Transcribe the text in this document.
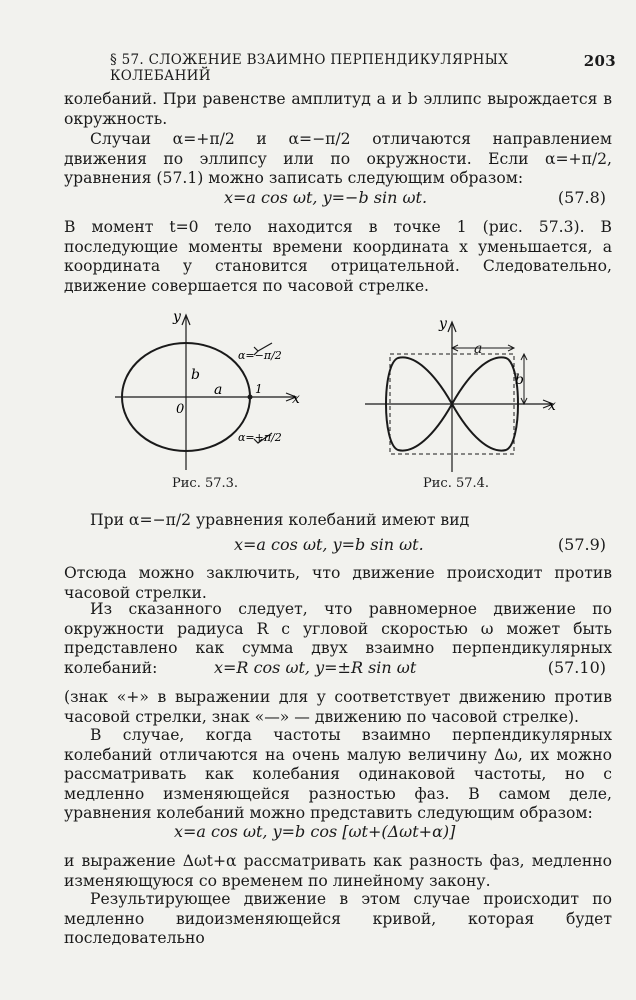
§ 57. СЛОЖЕНИЕ ВЗАИМНО ПЕРПЕНДИКУЛЯРНЫХ КОЛЕБАНИЙ
203

колебаний. При равенстве амплитуд a и b эллипс вырождается в окружность.

Случаи α=+π/2 и α=−π/2 отличаются направлением движения по эллипсу или по окружности. Если α=+π/2, уравнения (57.1) можно записать следующим образом:

x=a cos ωt, y=−b sin ωt.	(57.8)

В момент t=0 тело находится в точке 1 (рис. 57.3). В последующие моменты времени координата x уменьшается, а координата y становится отрицательной. Следовательно, движение совершается по часовой стрелке.

y
x
0
a
b
1
α=−π/2
α=+π/2
Рис. 57.3.
y
x
a
b
Рис. 57.4.

При α=−π/2 уравнения колебаний имеют вид

x=a cos ωt, y=b sin ωt.	(57.9)

Отсюда можно заключить, что движение происходит против часовой стрелки.

Из сказанного следует, что равномерное движение по окружности радиуса R с угловой скоростью ω может быть представлено как сумма двух взаимно перпендикулярных колебаний:	x=R cos ωt, y=±R sin ωt	(57.10)

(знак «+» в выражении для y соответствует движению против часовой стрелки, знак «—» — движению по часовой стрелке).

В случае, когда частоты взаимно перпендикулярных колебаний отличаются на очень малую величину Δω, их можно рассматривать как колебания одинаковой частоты, но с медленно изменяющейся разностью фаз. В самом деле, уравнения колебаний можно представить следующим образом:

x=a cos ωt, y=b cos [ωt+(Δωt+α)]

и выражение Δωt+α рассматривать как разность фаз, медленно изменяющуюся со временем по линейному закону.

Результирующее движение в этом случае происходит по медленно видоизменяющейся кривой, которая будет последовательно
